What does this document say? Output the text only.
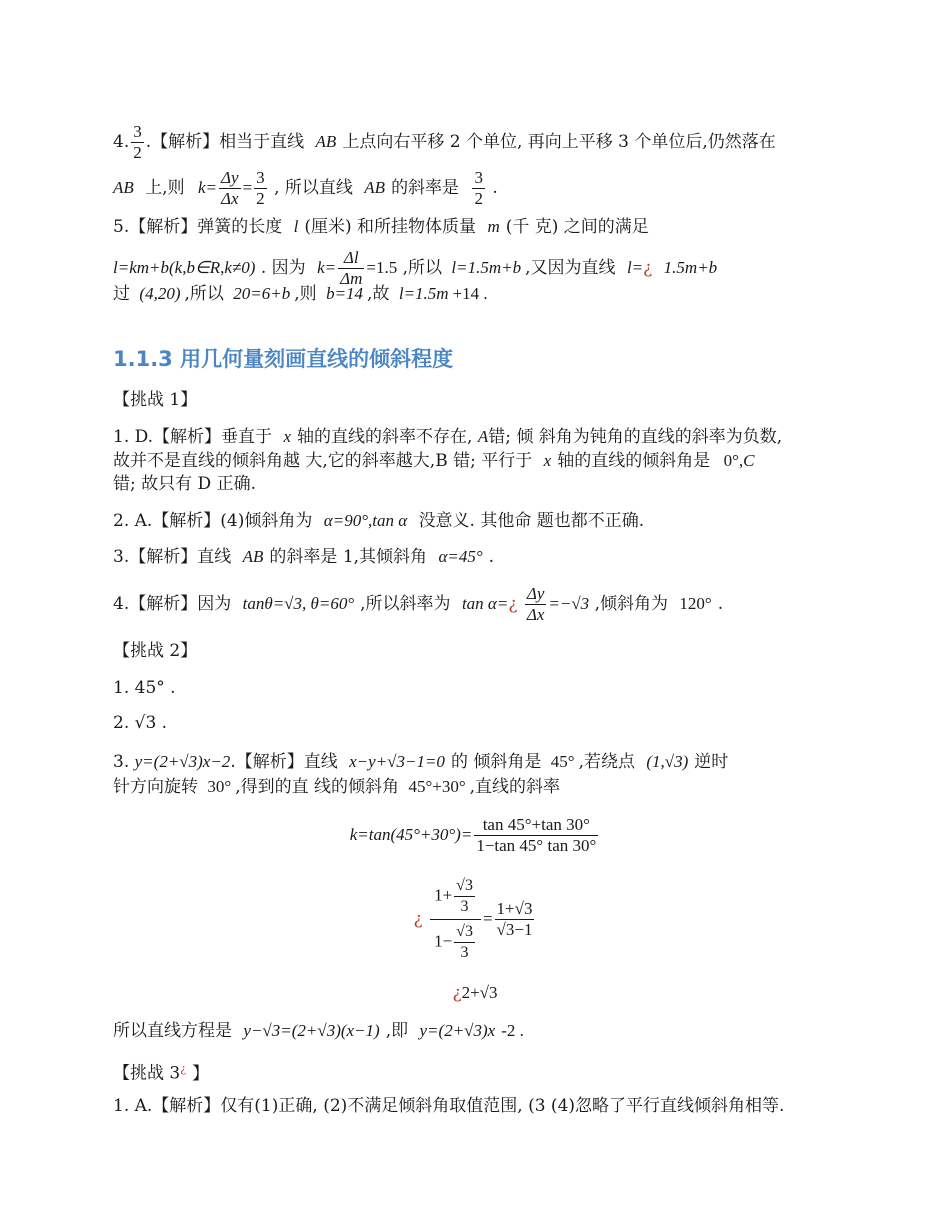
4. $\frac{3}{2}$ .【解析】相当于直线 AB 上点向右平移 2 个单位, 再向上平移 3 个单位后,仍然落在
AB 上,则 $k= \frac{\Delta y}{\Delta x} = \frac{3}{2}$ , 所以直线 AB 的斜率是 $\frac{3}{2}$ .
5.【解析】弹簧的长度 l (厘米) 和所挂物体质量 m (千 克) 之间的满足
l=km+b(k,b∈R,k≠0) . 因为 $k= \frac{\Delta l}{\Delta m} =1.5$ ,所以 l=1.5m+b ,又因为直线 l=¿ 1.5m+b
过 (4,20) ,所以 20=6+b ,则 b=14 ,故 l=1.5m +14 .
1.1.3 用几何量刻画直线的倾斜程度
【挑战 1】
1. D.【解析】垂直于 x 轴的直线的斜率不存在, A错; 倾 斜角为钝角的直线的斜率为负数,
故并不是直线的倾斜角越 大,它的斜率越大,B 错; 平行于 x 轴的直线的倾斜角是 0°,C
错; 故只有 D 正确.
2. A.【解析】(4)倾斜角为 α=90°,tan α 没意义. 其他命 题也都不正确.
3.【解析】直线 AB 的斜率是 1,其倾斜角 α=45° .
4.【解析】因为 tanθ=√3, θ=60° ,所以斜率为 tan α=¿ $\frac{\Delta y}{\Delta x} =-√3$ ,倾斜角为 120° .
【挑战 2】
1. 45° .
2. √3 .
3. y=(2+√3)x−2.【解析】直线 x−y+√3−1=0 的 倾斜角是 45° ,若绕点 (1,√3) 逆时
针方向旋转 30° ,得到的直 线的倾斜角 45°+30° ,直线的斜率
$k=\tan(45^\circ+30^\circ)= \frac{\tan 45^\circ+\tan 30^\circ}{1-\tan 45^\circ \tan 30^\circ}$
¿ $\frac{1+ \frac{√3}{3}}{1- \frac{√3}{3}} = \frac{1+√3}{√3-1}$
¿2+√3
所以直线方程是 y−√3=(2+√3)(x−1) ,即 y=(2+√3)x -2 .
【挑战 3¿ 】
1. A.【解析】仅有(1)正确, (2)不满足倾斜角取值范围, (3 (4)忽略了平行直线倾斜角相等.
